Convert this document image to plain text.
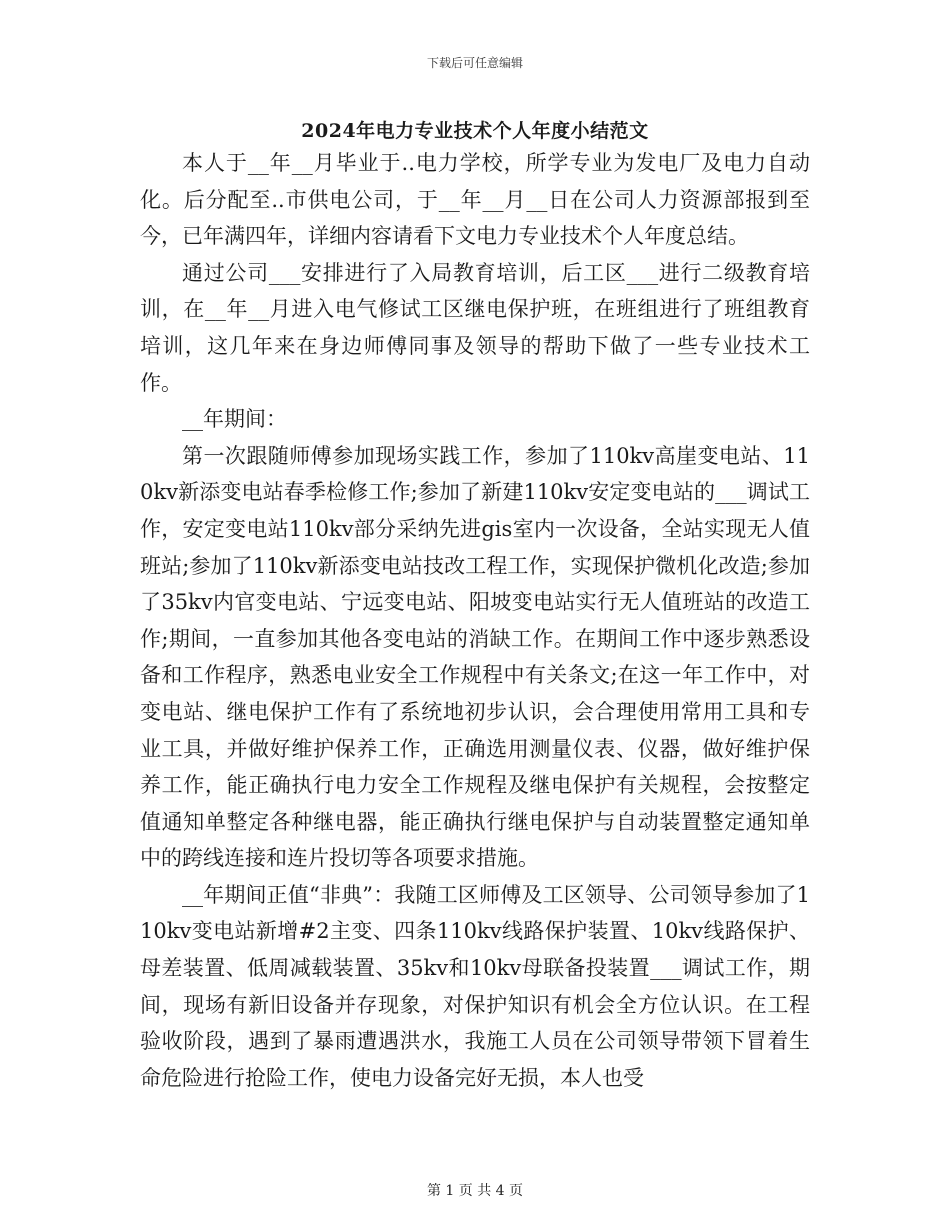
下载后可任意编辑
2024年电力专业技术个人年度小结范文

本人于__年__月毕业于..电力学校，所学专业为发电厂及电力自动化。后分配至..市供电公司，于__年__月__日在公司人力资源部报到至今，已年满四年，详细内容请看下文电力专业技术个人年度总结。

通过公司___安排进行了入局教育培训，后工区___进行二级教育培训，在__年__月进入电气修试工区继电保护班，在班组进行了班组教育培训，这几年来在身边师傅同事及领导的帮助下做了一些专业技术工作。

__年期间：

第一次跟随师傅参加现场实践工作，参加了110kv高崖变电站、110kv新添变电站春季检修工作;参加了新建110kv安定变电站的___调试工作，安定变电站110kv部分采纳先进gis室内一次设备，全站实现无人值班站;参加了110kv新添变电站技改工程工作，实现保护微机化改造;参加了35kv内官变电站、宁远变电站、阳坡变电站实行无人值班站的改造工作;期间，一直参加其他各变电站的消缺工作。在期间工作中逐步熟悉设备和工作程序，熟悉电业安全工作规程中有关条文;在这一年工作中，对变电站、继电保护工作有了系统地初步认识，会合理使用常用工具和专业工具，并做好维护保养工作，正确选用测量仪表、仪器，做好维护保养工作，能正确执行电力安全工作规程及继电保护有关规程，会按整定值通知单整定各种继电器，能正确执行继电保护与自动装置整定通知单中的跨线连接和连片投切等各项要求措施。

__年期间正值“非典”：我随工区师傅及工区领导、公司领导参加了110kv变电站新增#2主变、四条110kv线路保护装置、10kv线路保护、母差装置、低周减载装置、35kv和10kv母联备投装置___调试工作，期间，现场有新旧设备并存现象，对保护知识有机会全方位认识。在工程验收阶段，遇到了暴雨遭遇洪水，我施工人员在公司领导带领下冒着生命危险进行抢险工作，使电力设备完好无损，本人也受

第 1 页 共 4 页
